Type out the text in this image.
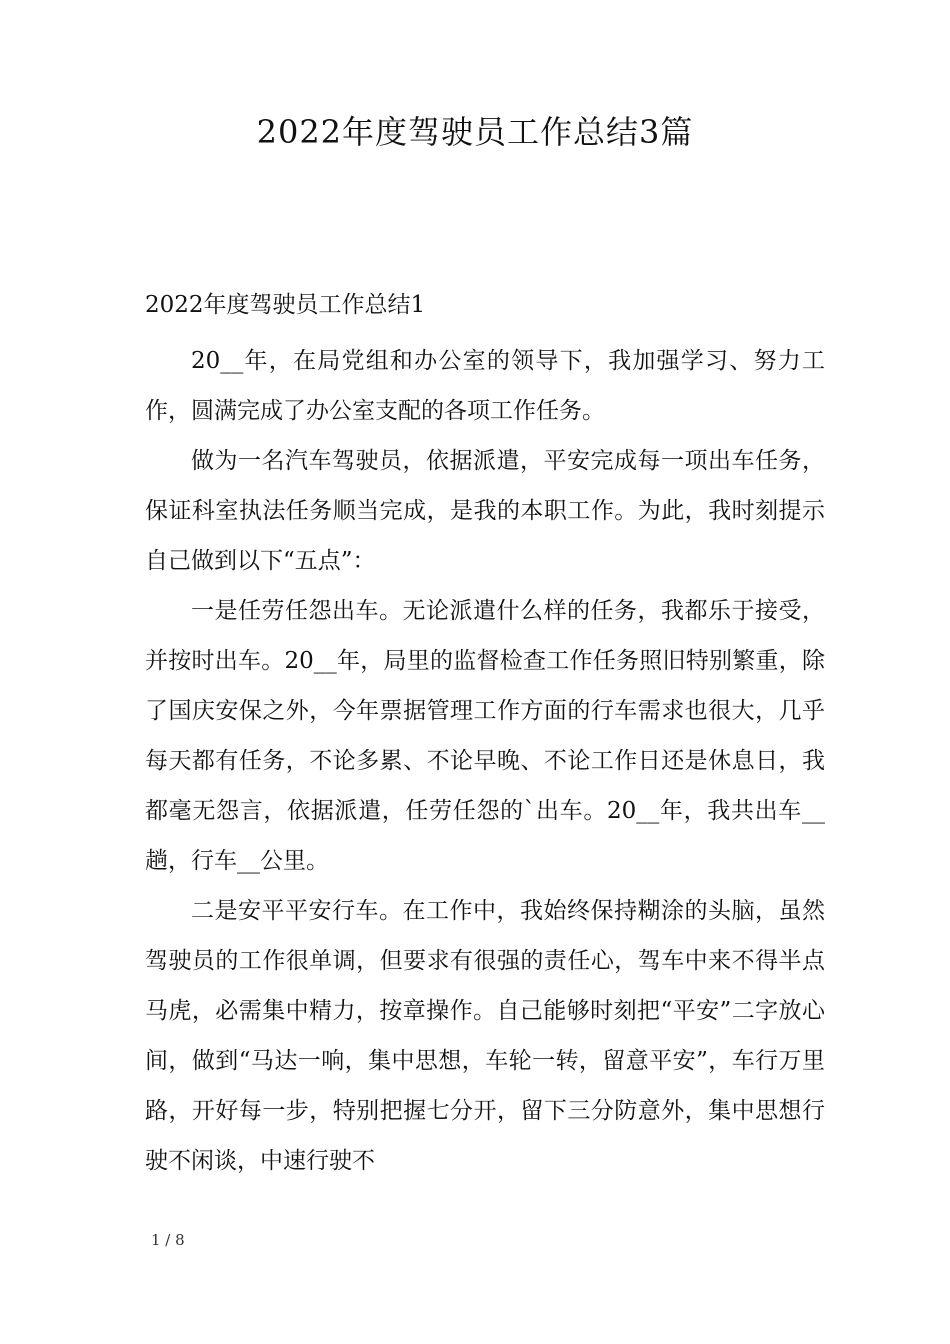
2022年度驾驶员工作总结3篇
2022年度驾驶员工作总结1

20__年，在局党组和办公室的领导下，我加强学习、努力工作，圆满完成了办公室支配的各项工作任务。

做为一名汽车驾驶员，依据派遣，平安完成每一项出车任务，保证科室执法任务顺当完成，是我的本职工作。为此，我时刻提示自己做到以下“五点”：

一是任劳任怨出车。无论派遣什么样的任务，我都乐于接受，并按时出车。20__年，局里的监督检查工作任务照旧特别繁重，除了国庆安保之外，今年票据管理工作方面的行车需求也很大，几乎每天都有任务，不论多累、不论早晚、不论工作日还是休息日，我都毫无怨言，依据派遣，任劳任怨的`出车。20__年，我共出车__趟，行车__公里。

二是安平平安行车。在工作中，我始终保持糊涂的头脑，虽然驾驶员的工作很单调，但要求有很强的责任心，驾车中来不得半点马虎，必需集中精力，按章操作。自己能够时刻把“平安”二字放心间，做到“马达一响，集中思想，车轮一转，留意平安”，车行万里路，开好每一步，特别把握七分开，留下三分防意外，集中思想行驶不闲谈，中速行驶不

1 / 8
